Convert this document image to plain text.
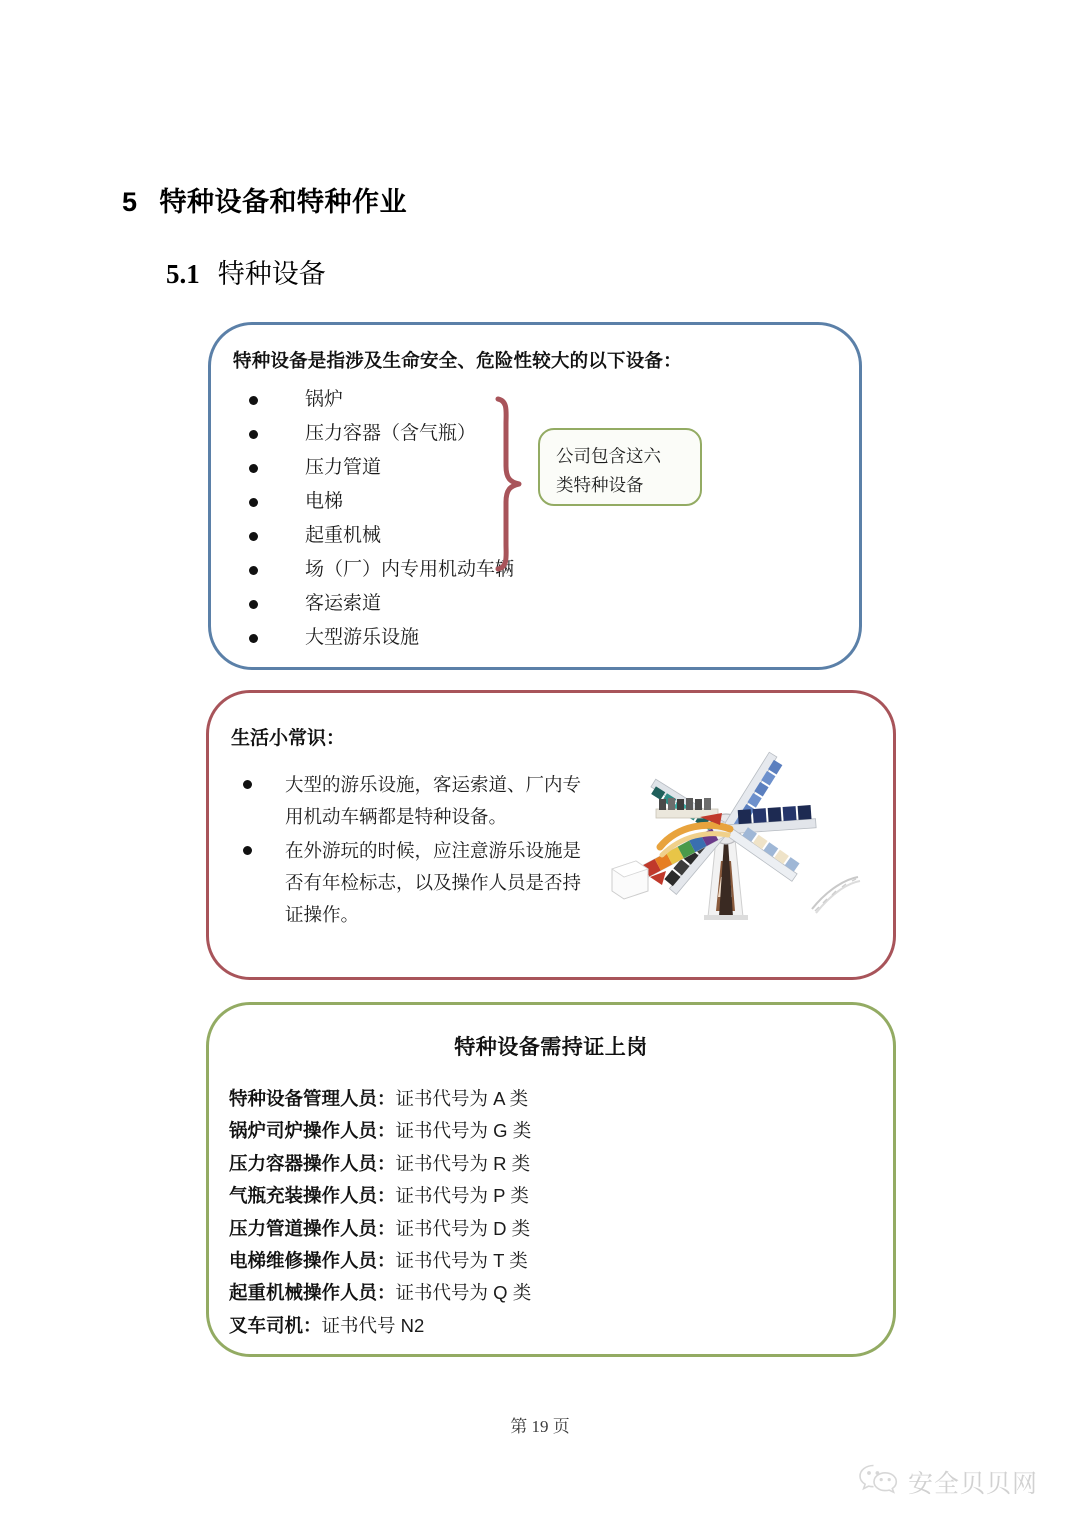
5 特种设备和特种作业
5.1 特种设备
特种设备是指涉及生命安全、危险性较大的以下设备：
锅炉
压力容器（含气瓶）
压力管道
电梯
起重机械
场（厂）内专用机动车辆
客运索道
大型游乐设施
公司包含这六
类特种设备
生活小常识：
大型的游乐设施，客运索道、厂内专用机动车辆都是特种设备。
在外游玩的时候，应注意游乐设施是否有年检标志，以及操作人员是否持证操作。
特种设备需持证上岗
特种设备管理人员：证书代号为 A 类
锅炉司炉操作人员：证书代号为 G 类
压力容器操作人员：证书代号为 R 类
气瓶充装操作人员：证书代号为 P 类
压力管道操作人员：证书代号为 D 类
电梯维修操作人员：证书代号为 T 类
起重机械操作人员：证书代号为 Q 类
叉车司机：证书代号 N2
第 19 页
安全贝贝网
